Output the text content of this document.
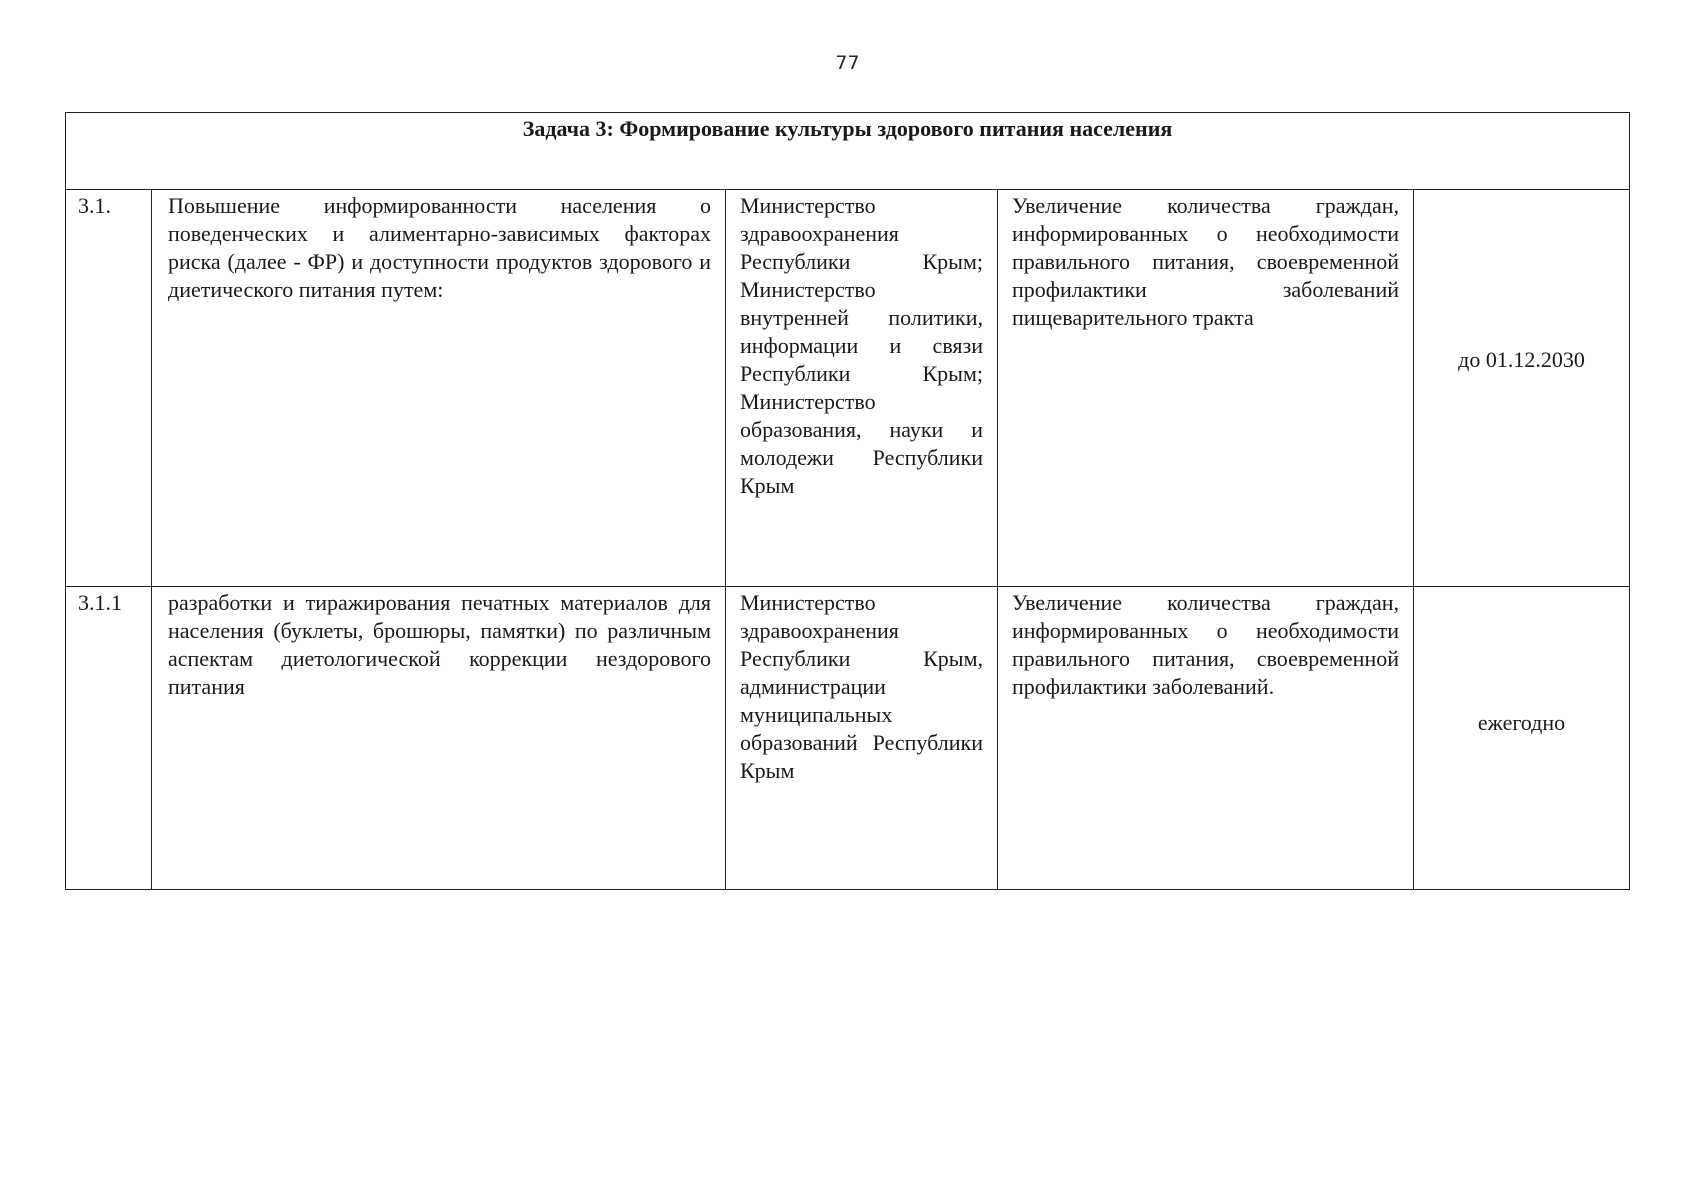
77
Задача 3: Формирование культуры здорового питания населения				
3.1.	Повышение информированности населения о поведенческих и алиментарно-зависимых факторах риска (далее - ФР) и доступности продуктов здорового и диетического питания путем:	Министерство здравоохранения Республики Крым; Министерство внутренней политики, информации и связи Республики Крым; Министерство образования, науки и молодежи Республики Крым	Увеличение количества граждан, информированных о необходимости правильного питания, своевременной профилактики заболеваний пищеварительного тракта	до 01.12.2030
3.1.1	разработки и тиражирования печатных материалов для населения (буклеты, брошюры, памятки) по различным аспектам диетологической коррекции нездорового питания	Министерство здравоохранения Республики Крым, администрации муниципальных образований Республики Крым	Увеличение количества граждан, информированных о необходимости правильного питания, своевременной профилактики заболеваний.	ежегодно
